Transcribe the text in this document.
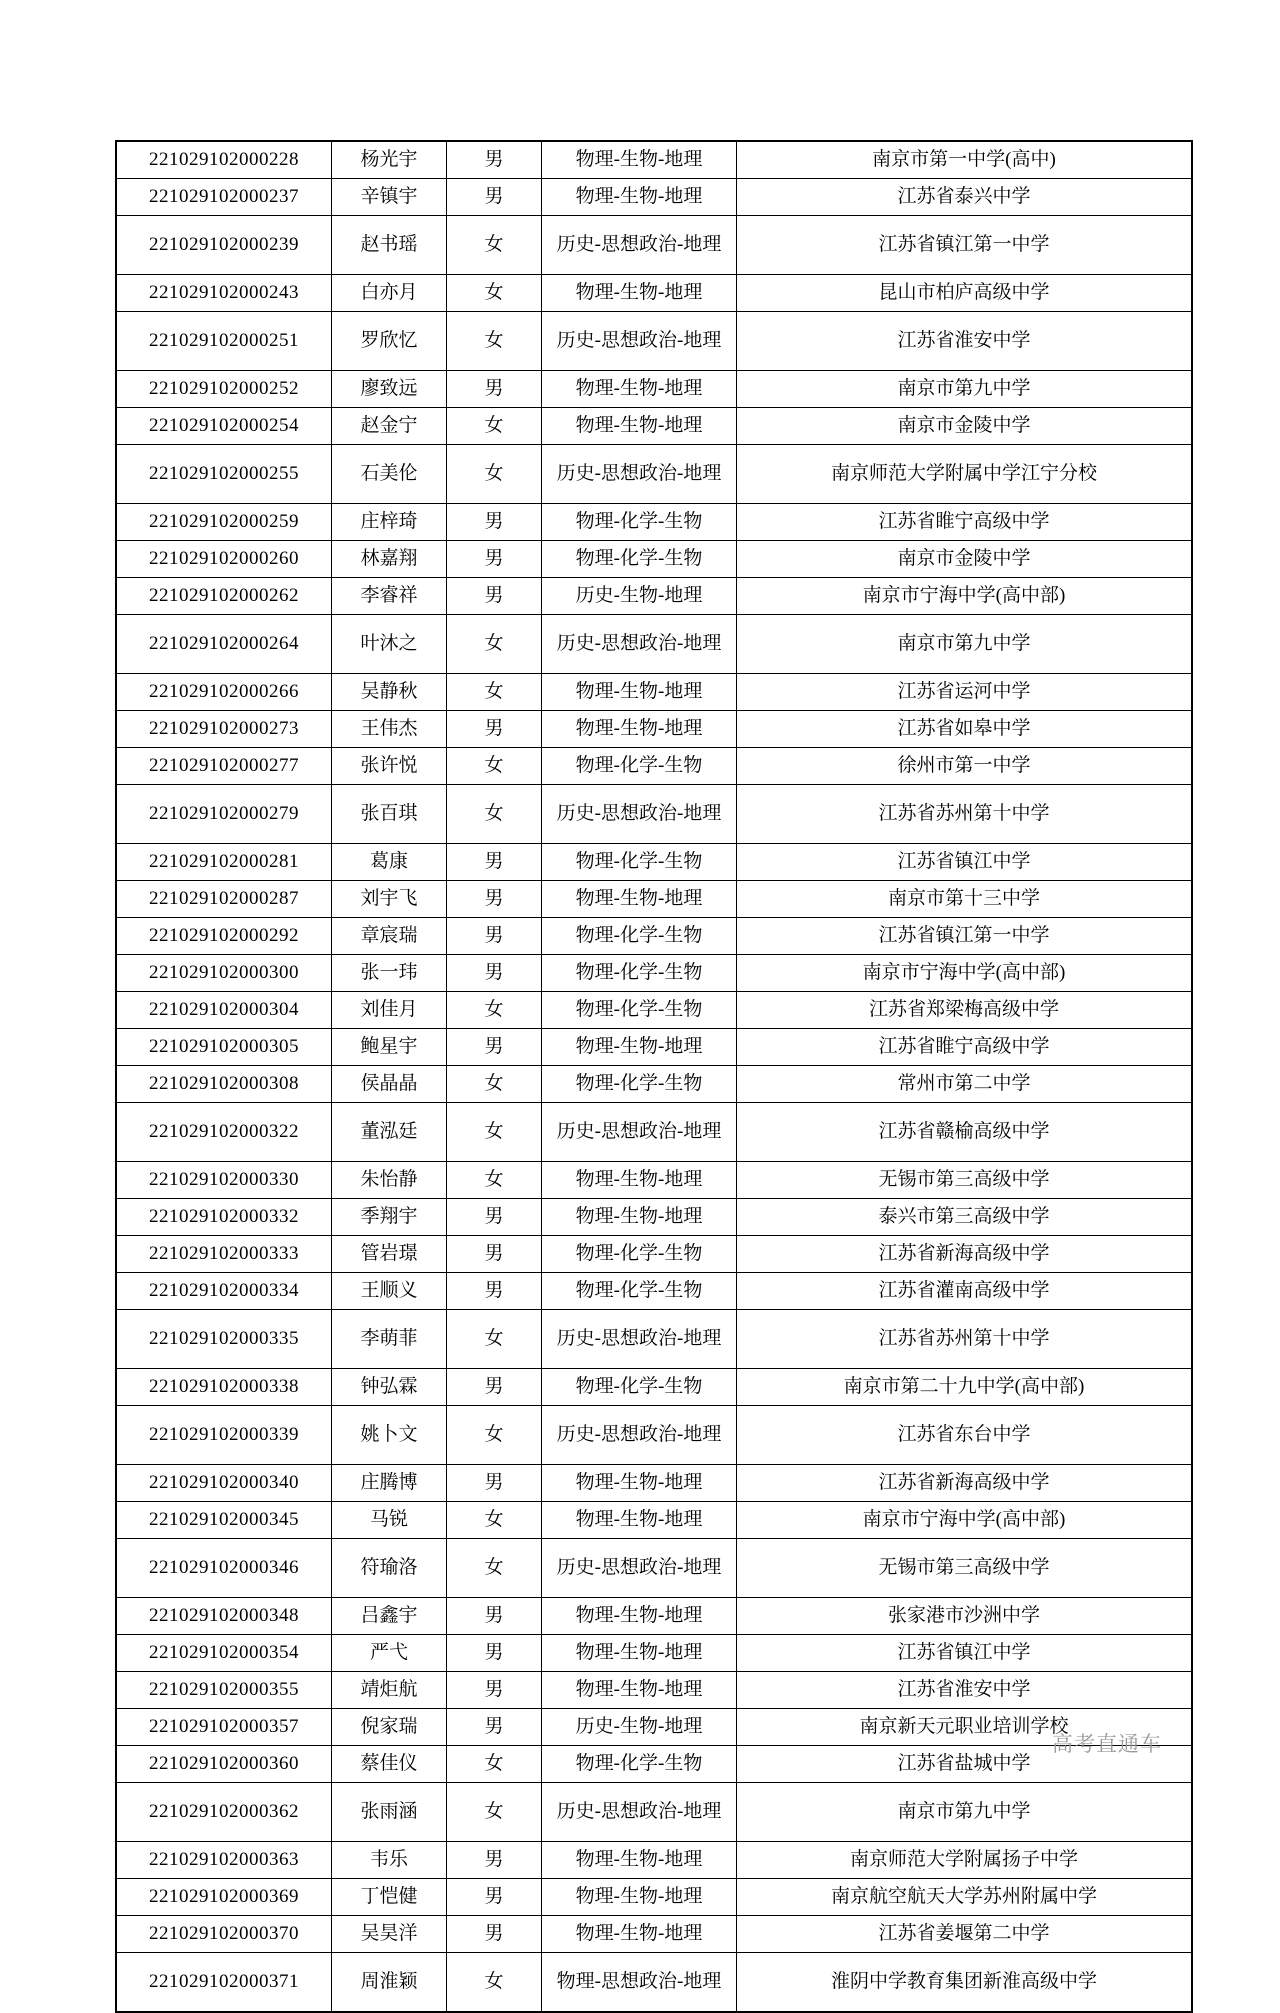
221029102000228	杨光宇	男	物理-生物-地理	南京市第一中学(高中)

221029102000237	辛镇宇	男	物理-生物-地理	江苏省泰兴中学

221029102000239	赵书瑶	女	历史-思想政治-地理	江苏省镇江第一中学

221029102000243	白亦月	女	物理-生物-地理	昆山市柏庐高级中学

221029102000251	罗欣忆	女	历史-思想政治-地理	江苏省淮安中学

221029102000252	廖致远	男	物理-生物-地理	南京市第九中学

221029102000254	赵金宁	女	物理-生物-地理	南京市金陵中学

221029102000255	石美伦	女	历史-思想政治-地理	南京师范大学附属中学江宁分校

221029102000259	庄梓琦	男	物理-化学-生物	江苏省睢宁高级中学

221029102000260	林嘉翔	男	物理-化学-生物	南京市金陵中学

221029102000262	李睿祥	男	历史-生物-地理	南京市宁海中学(高中部)

221029102000264	叶沐之	女	历史-思想政治-地理	南京市第九中学

221029102000266	吴静秋	女	物理-生物-地理	江苏省运河中学

221029102000273	王伟杰	男	物理-生物-地理	江苏省如皋中学

221029102000277	张许悦	女	物理-化学-生物	徐州市第一中学

221029102000279	张百琪	女	历史-思想政治-地理	江苏省苏州第十中学

221029102000281	葛康	男	物理-化学-生物	江苏省镇江中学

221029102000287	刘宇飞	男	物理-生物-地理	南京市第十三中学

221029102000292	章宸瑞	男	物理-化学-生物	江苏省镇江第一中学

221029102000300	张一玮	男	物理-化学-生物	南京市宁海中学(高中部)

221029102000304	刘佳月	女	物理-化学-生物	江苏省郑梁梅高级中学

221029102000305	鲍星宇	男	物理-生物-地理	江苏省睢宁高级中学

221029102000308	侯晶晶	女	物理-化学-生物	常州市第二中学

221029102000322	董泓廷	女	历史-思想政治-地理	江苏省赣榆高级中学

221029102000330	朱怡静	女	物理-生物-地理	无锡市第三高级中学

221029102000332	季翔宇	男	物理-生物-地理	泰兴市第三高级中学

221029102000333	管岩璟	男	物理-化学-生物	江苏省新海高级中学

221029102000334	王顺义	男	物理-化学-生物	江苏省灌南高级中学

221029102000335	李萌菲	女	历史-思想政治-地理	江苏省苏州第十中学

221029102000338	钟弘霖	男	物理-化学-生物	南京市第二十九中学(高中部)

221029102000339	姚卜文	女	历史-思想政治-地理	江苏省东台中学

221029102000340	庄腾博	男	物理-生物-地理	江苏省新海高级中学

221029102000345	马锐	女	物理-生物-地理	南京市宁海中学(高中部)

221029102000346	符瑜洛	女	历史-思想政治-地理	无锡市第三高级中学

221029102000348	吕鑫宇	男	物理-生物-地理	张家港市沙洲中学

221029102000354	严弋	男	物理-生物-地理	江苏省镇江中学

221029102000355	靖炬航	男	物理-生物-地理	江苏省淮安中学

221029102000357	倪家瑞	男	历史-生物-地理	南京新天元职业培训学校

221029102000360	蔡佳仪	女	物理-化学-生物	江苏省盐城中学

221029102000362	张雨涵	女	历史-思想政治-地理	南京市第九中学

221029102000363	韦乐	男	物理-生物-地理	南京师范大学附属扬子中学

221029102000369	丁恺健	男	物理-生物-地理	南京航空航天大学苏州附属中学

221029102000370	吴昊洋	男	物理-生物-地理	江苏省姜堰第二中学

221029102000371	周淮颖	女	物理-思想政治-地理	淮阴中学教育集团新淮高级中学
高考直通车
